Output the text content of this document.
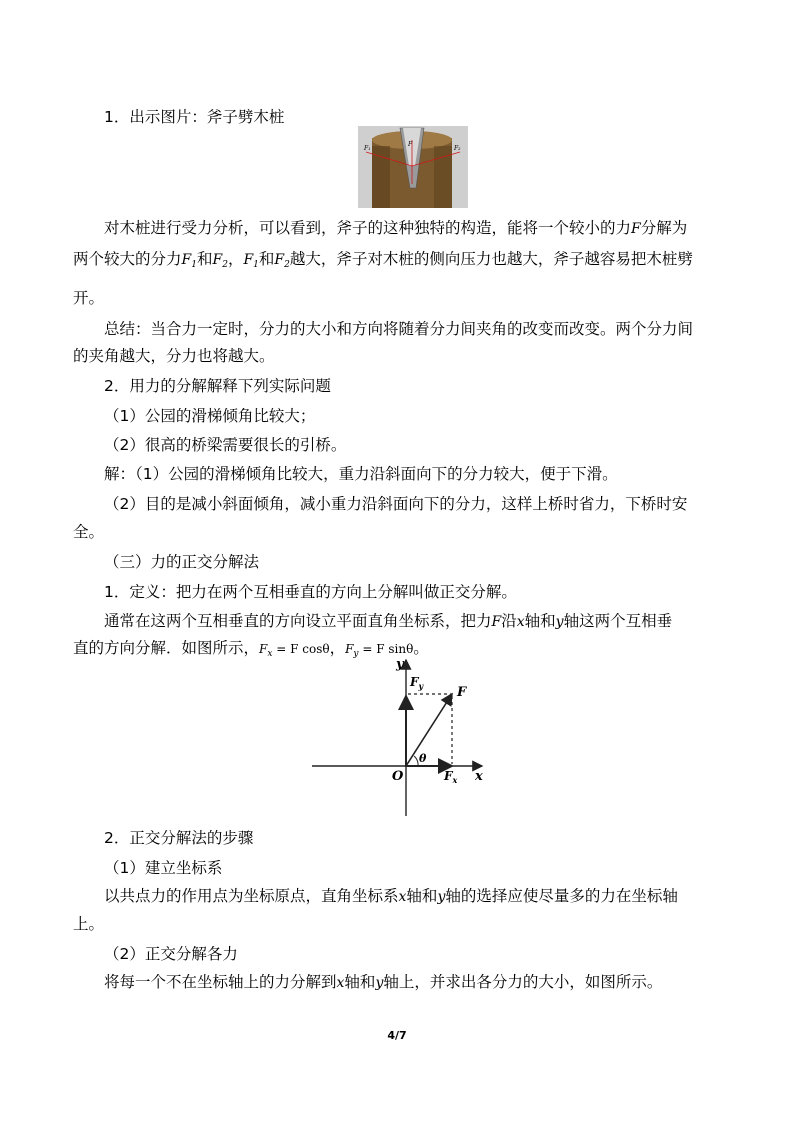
1．出示图片：斧子劈木桩
F₁	F₂
F
对木桩进行受力分析，可以看到，斧子的这种独特的构造，能将一个较小的力F分解为
两个较大的分力$F_1$和$F_2$，$F_1$和$F_2$越大，斧子对木桩的侧向压力也越大，斧子越容易把木桩劈
开。
总结：当合力一定时，分力的大小和方向将随着分力间夹角的改变而改变。两个分力间
的夹角越大，分力也将越大。
2．用力的分解解释下列实际问题
（1）公园的滑梯倾角比较大；
（2）很高的桥梁需要很长的引桥。
解：（1）公园的滑梯倾角比较大，重力沿斜面向下的分力较大，便于下滑。
（2）目的是减小斜面倾角，减小重力沿斜面向下的分力，这样上桥时省力，下桥时安
全。
（三）力的正交分解法
1．定义：把力在两个互相垂直的方向上分解叫做正交分解。
通常在这两个互相垂直的方向设立平面直角坐标系，把力F沿x轴和y轴这两个互相垂
直的方向分解．如图所示，$F_x = F$ cosθ，$F_y = F$ sinθ。
y
x
O
F
$F_y$
$F_x$
θ
2．正交分解法的步骤
（1）建立坐标系
以共点力的作用点为坐标原点，直角坐标系x轴和y轴的选择应使尽量多的力在坐标轴
上。
（2）正交分解各力
将每一个不在坐标轴上的力分解到x轴和y轴上，并求出各分力的大小，如图所示。
4/7
